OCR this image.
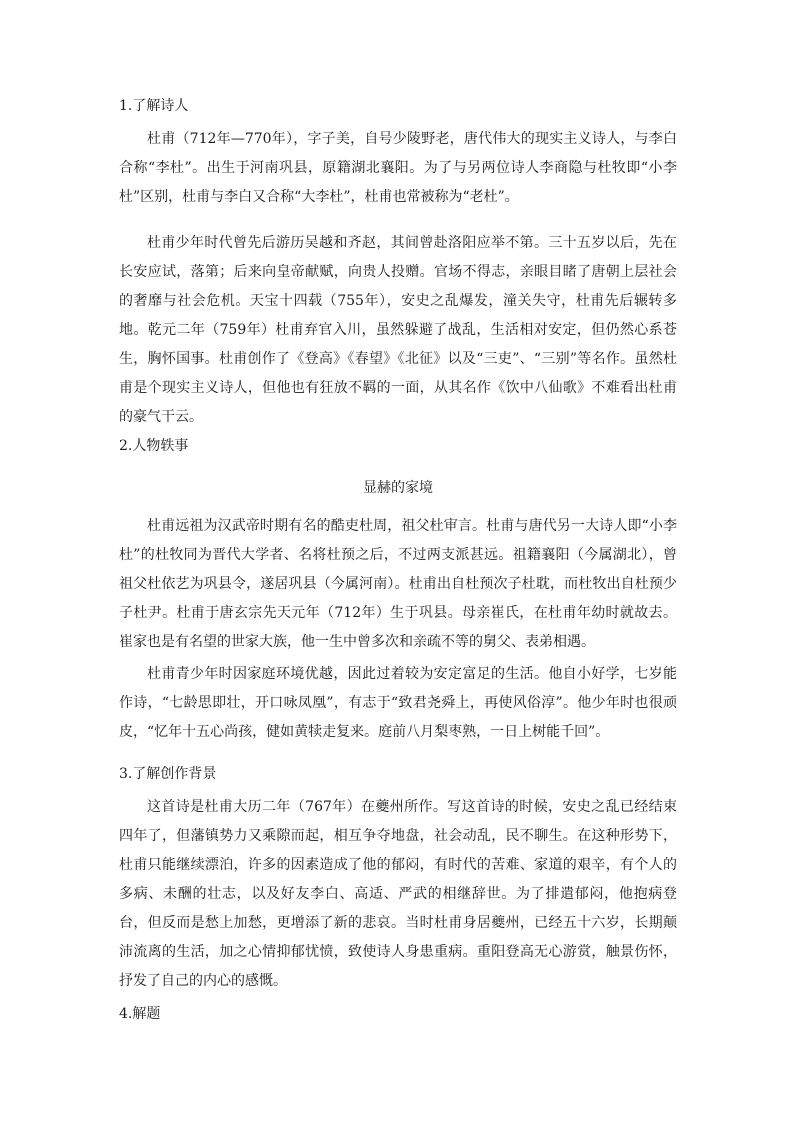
1.了解诗人

杜甫（712年—770年），字子美，自号少陵野老，唐代伟大的现实主义诗人，与李白合称“李杜”。出生于河南巩县，原籍湖北襄阳。为了与另两位诗人李商隐与杜牧即“小李杜”区别，杜甫与李白又合称“大李杜”，杜甫也常被称为“老杜”。

杜甫少年时代曾先后游历吴越和齐赵，其间曾赴洛阳应举不第。三十五岁以后，先在长安应试，落第；后来向皇帝献赋，向贵人投赠。官场不得志，亲眼目睹了唐朝上层社会的奢靡与社会危机。天宝十四载（755年），安史之乱爆发，潼关失守，杜甫先后辗转多地。乾元二年（759年）杜甫弃官入川，虽然躲避了战乱，生活相对安定，但仍然心系苍生，胸怀国事。杜甫创作了《登高》《春望》《北征》以及“三吏”、“三别”等名作。虽然杜甫是个现实主义诗人，但他也有狂放不羁的一面，从其名作《饮中八仙歌》不难看出杜甫的豪气干云。

2.人物轶事
显赫的家境

杜甫远祖为汉武帝时期有名的酷吏杜周，祖父杜审言。杜甫与唐代另一大诗人即“小李杜”的杜牧同为晋代大学者、名将杜预之后，不过两支派甚远。祖籍襄阳（今属湖北），曾祖父杜依艺为巩县令，遂居巩县（今属河南）。杜甫出自杜预次子杜耽，而杜牧出自杜预少子杜尹。杜甫于唐玄宗先天元年（712年）生于巩县。母亲崔氏，在杜甫年幼时就故去。崔家也是有名望的世家大族，他一生中曾多次和亲疏不等的舅父、表弟相遇。

杜甫青少年时因家庭环境优越，因此过着较为安定富足的生活。他自小好学，七岁能作诗，“七龄思即壮，开口咏凤凰”，有志于“致君尧舜上，再使风俗淳”。他少年时也很顽皮，“忆年十五心尚孩，健如黄犊走复来。庭前八月梨枣熟，一日上树能千回”。

3.了解创作背景

这首诗是杜甫大历二年（767年）在夔州所作。写这首诗的时候，安史之乱已经结束四年了，但藩镇势力又乘隙而起，相互争夺地盘，社会动乱，民不聊生。在这种形势下，杜甫只能继续漂泊，许多的因素造成了他的郁闷，有时代的苦难、家道的艰辛，有个人的多病、未酬的壮志，以及好友李白、高适、严武的相继辞世。为了排遣郁闷，他抱病登台，但反而是愁上加愁，更增添了新的悲哀。当时杜甫身居夔州，已经五十六岁，长期颠沛流离的生活，加之心情抑郁忧愤，致使诗人身患重病。重阳登高无心游赏，触景伤怀，抒发了自己的内心的感慨。

4.解题
